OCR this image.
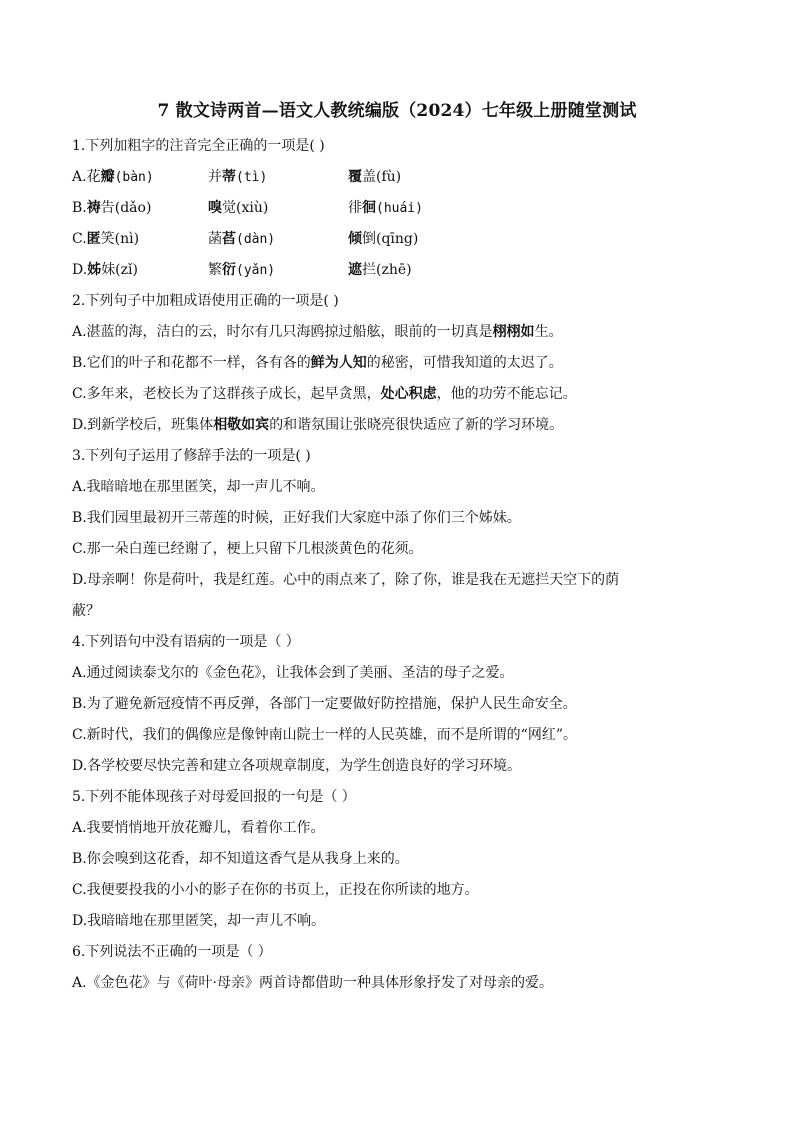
7 散文诗两首—语文人教统编版（2024）七年级上册随堂测试
1.下列加粗字的注音完全正确的一项是( )
A.花瓣(bàn)	并蒂(tì)	覆盖(fù)
B.祷告(dǎo)	嗅觉(xiù)	徘徊(huái)
C.匿笑(nì)	菡萏(dàn)	倾倒(qīng)
D.姊妹(zǐ)	繁衍(yǎn)	遮拦(zhē)
2.下列句子中加粗成语使用正确的一项是( )
A.湛蓝的海，洁白的云，时尔有几只海鸥掠过船舷，眼前的一切真是栩栩如生。
B.它们的叶子和花都不一样，各有各的鲜为人知的秘密，可惜我知道的太迟了。
C.多年来，老校长为了这群孩子成长，起早贪黑，处心积虑，他的功劳不能忘记。
D.到新学校后，班集体相敬如宾的和谐氛围让张晓亮很快适应了新的学习环境。
3.下列句子运用了修辞手法的一项是( )
A.我暗暗地在那里匿笑，却一声儿不响。
B.我们园里最初开三蒂莲的时候，正好我们大家庭中添了你们三个姊妹。
C.那一朵白莲已经谢了，梗上只留下几根淡黄色的花须。
D.母亲啊！你是荷叶，我是红莲。心中的雨点来了，除了你，谁是我在无遮拦天空下的荫
蔽？
4.下列语句中没有语病的一项是（ ）
A.通过阅读泰戈尔的《金色花》，让我体会到了美丽、圣洁的母子之爱。
B.为了避免新冠疫情不再反弹，各部门一定要做好防控措施，保护人民生命安全。
C.新时代，我们的偶像应是像钟南山院士一样的人民英雄，而不是所谓的“网红”。
D.各学校要尽快完善和建立各项规章制度，为学生创造良好的学习环境。
5.下列不能体现孩子对母爱回报的一句是（ ）
A.我要悄悄地开放花瓣儿，看着你工作。
B.你会嗅到这花香，却不知道这香气是从我身上来的。
C.我便要投我的小小的影子在你的书页上，正投在你所读的地方。
D.我暗暗地在那里匿笑，却一声儿不响。
6.下列说法不正确的一项是（ ）
A.《金色花》与《荷叶·母亲》两首诗都借助一种具体形象抒发了对母亲的爱。
